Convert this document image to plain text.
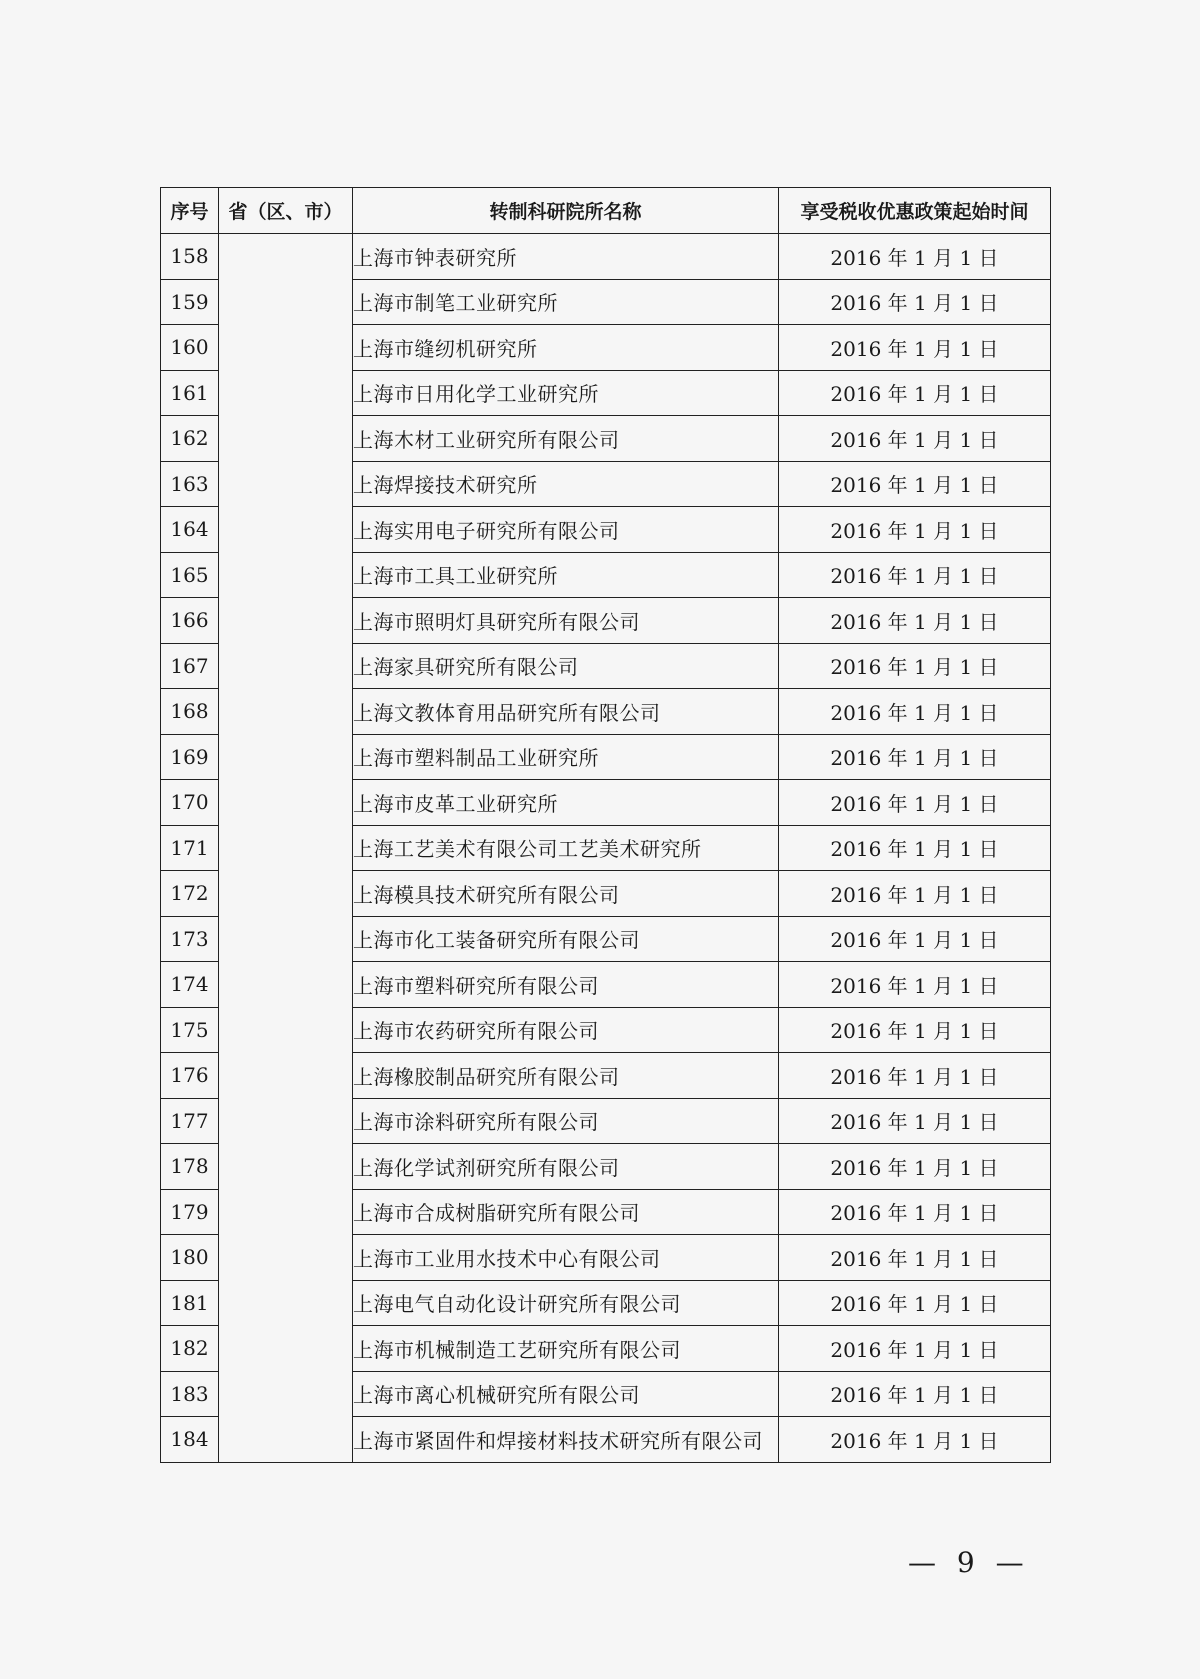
序号	省（区、市）	转制科研院所名称	享受税收优惠政策起始时间
158		上海市钟表研究所	2016 年 1 月 1 日
159		上海市制笔工业研究所	2016 年 1 月 1 日
160		上海市缝纫机研究所	2016 年 1 月 1 日
161		上海市日用化学工业研究所	2016 年 1 月 1 日
162		上海木材工业研究所有限公司	2016 年 1 月 1 日
163		上海焊接技术研究所	2016 年 1 月 1 日
164		上海实用电子研究所有限公司	2016 年 1 月 1 日
165		上海市工具工业研究所	2016 年 1 月 1 日
166		上海市照明灯具研究所有限公司	2016 年 1 月 1 日
167		上海家具研究所有限公司	2016 年 1 月 1 日
168		上海文教体育用品研究所有限公司	2016 年 1 月 1 日
169		上海市塑料制品工业研究所	2016 年 1 月 1 日
170		上海市皮革工业研究所	2016 年 1 月 1 日
171		上海工艺美术有限公司工艺美术研究所	2016 年 1 月 1 日
172		上海模具技术研究所有限公司	2016 年 1 月 1 日
173		上海市化工装备研究所有限公司	2016 年 1 月 1 日
174		上海市塑料研究所有限公司	2016 年 1 月 1 日
175		上海市农药研究所有限公司	2016 年 1 月 1 日
176		上海橡胶制品研究所有限公司	2016 年 1 月 1 日
177		上海市涂料研究所有限公司	2016 年 1 月 1 日
178		上海化学试剂研究所有限公司	2016 年 1 月 1 日
179		上海市合成树脂研究所有限公司	2016 年 1 月 1 日
180		上海市工业用水技术中心有限公司	2016 年 1 月 1 日
181		上海电气自动化设计研究所有限公司	2016 年 1 月 1 日
182		上海市机械制造工艺研究所有限公司	2016 年 1 月 1 日
183		上海市离心机械研究所有限公司	2016 年 1 月 1 日
184		上海市紧固件和焊接材料技术研究所有限公司	2016 年 1 月 1 日
— 9 —
